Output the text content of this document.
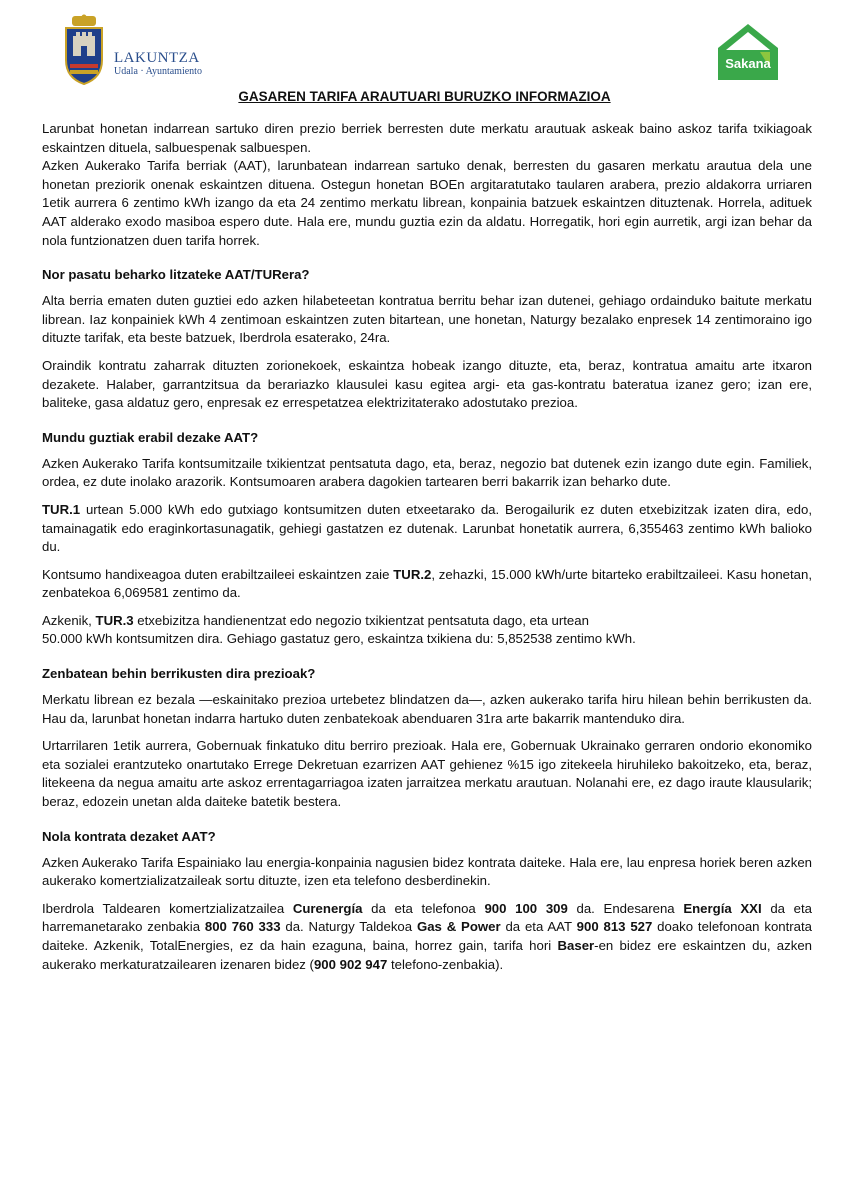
LAKUNTZA
Udala · Ayuntamiento
Sakana
GASAREN TARIFA ARAUTUARI BURUZKO INFORMAZIOA

Larunbat honetan indarrean sartuko diren prezio berriek berresten dute merkatu arautuak askeak baino askoz tarifa txikiagoak eskaintzen dituela, salbuespenak salbuespen.

Azken Aukerako Tarifa berriak (AAT), larunbatean indarrean sartuko denak, berresten du gasaren merkatu arautua dela une honetan preziorik onenak eskaintzen dituena. Ostegun honetan BOEn argitaratutako taularen arabera, prezio aldakorra urriaren 1etik aurrera 6 zentimo kWh izango da eta 24 zentimo merkatu librean, konpainia batzuek eskaintzen dituztenak. Horrela, adituek AAT alderako exodo masiboa espero dute. Hala ere, mundu guztia ezin da aldatu. Horregatik, hori egin aurretik, argi izan behar da nola funtzionatzen duen tarifa horrek.

Nor pasatu beharko litzateke AAT/TURera?

Alta berria ematen duten guztiei edo azken hilabeteetan kontratua berritu behar izan dutenei, gehiago ordainduko baitute merkatu librean. Iaz konpainiek kWh 4 zentimoan eskaintzen zuten bitartean, une honetan, Naturgy bezalako enpresek 14 zentimoraino igo dituzte tarifak, eta beste batzuek, Iberdrola esaterako, 24ra.

Oraindik kontratu zaharrak dituzten zorionekoek, eskaintza hobeak izango dituzte, eta, beraz, kontratua amaitu arte itxaron dezakete. Halaber, garrantzitsua da berariazko klausulei kasu egitea argi- eta gas-kontratu bateratua izanez gero; izan ere, baliteke, gasa aldatuz gero, enpresak ez errespetatzea elektrizitaterako adostutako prezioa.

Mundu guztiak erabil dezake AAT?

Azken Aukerako Tarifa kontsumitzaile txikientzat pentsatuta dago, eta, beraz, negozio bat dutenek ezin izango dute egin. Familiek, ordea, ez dute inolako arazorik. Kontsumoaren arabera dagokien tartearen berri bakarrik izan beharko dute.

TUR.1 urtean 5.000 kWh edo gutxiago kontsumitzen duten etxeetarako da. Berogailurik ez duten etxebizitzak izaten dira, edo, tamainagatik edo eraginkortasunagatik, gehiegi gastatzen ez dutenak. Larunbat honetatik aurrera, 6,355463 zentimo kWh balioko du.

Kontsumo handixeagoa duten erabiltzaileei eskaintzen zaie TUR.2, zehazki, 15.000 kWh/urte bitarteko erabiltzaileei. Kasu honetan, zenbatekoa 6,069581 zentimo da.

Azkenik, TUR.3 etxebizitza handienentzat edo negozio txikientzat pentsatuta dago, eta urtean
50.000 kWh kontsumitzen dira. Gehiago gastatuz gero, eskaintza txikiena du: 5,852538 zentimo kWh.

Zenbatean behin berrikusten dira prezioak?

Merkatu librean ez bezala —eskainitako prezioa urtebetez blindatzen da—, azken aukerako tarifa hiru hilean behin berrikusten da. Hau da, larunbat honetan indarra hartuko duten zenbatekoak abenduaren 31ra arte bakarrik mantenduko dira.

Urtarrilaren 1etik aurrera, Gobernuak finkatuko ditu berriro prezioak. Hala ere, Gobernuak Ukrainako gerraren ondorio ekonomiko eta sozialei erantzuteko onartutako Errege Dekretuan ezarrizen AAT gehienez %15 igo zitekeela hiruhileko bakoitzeko, eta, beraz, litekeena da negua amaitu arte askoz errentagarriagoa izaten jarraitzea merkatu arautuan. Nolanahi ere, ez dago iraute klausularik; beraz, edozein unetan alda daiteke batetik bestera.

Nola kontrata dezaket AAT?

Azken Aukerako Tarifa Espainiako lau energia-konpainia nagusien bidez kontrata daiteke. Hala ere, lau enpresa horiek beren azken aukerako komertzializatzaileak sortu dituzte, izen eta telefono desberdinekin.

Iberdrola Taldearen komertzializatzailea Curenergía da eta telefonoa 900 100 309 da. Endesarena Energía XXI da eta harremanetarako zenbakia 800 760 333 da. Naturgy Taldekoa Gas & Power da eta AAT 900 813 527 doako telefonoan kontrata daiteke. Azkenik, TotalEnergies, ez da hain ezaguna, baina, horrez gain, tarifa hori Baser-en bidez ere eskaintzen du, azken aukerako merkaturatzailearen izenaren bidez (900 902 947 telefono-zenbakia).
